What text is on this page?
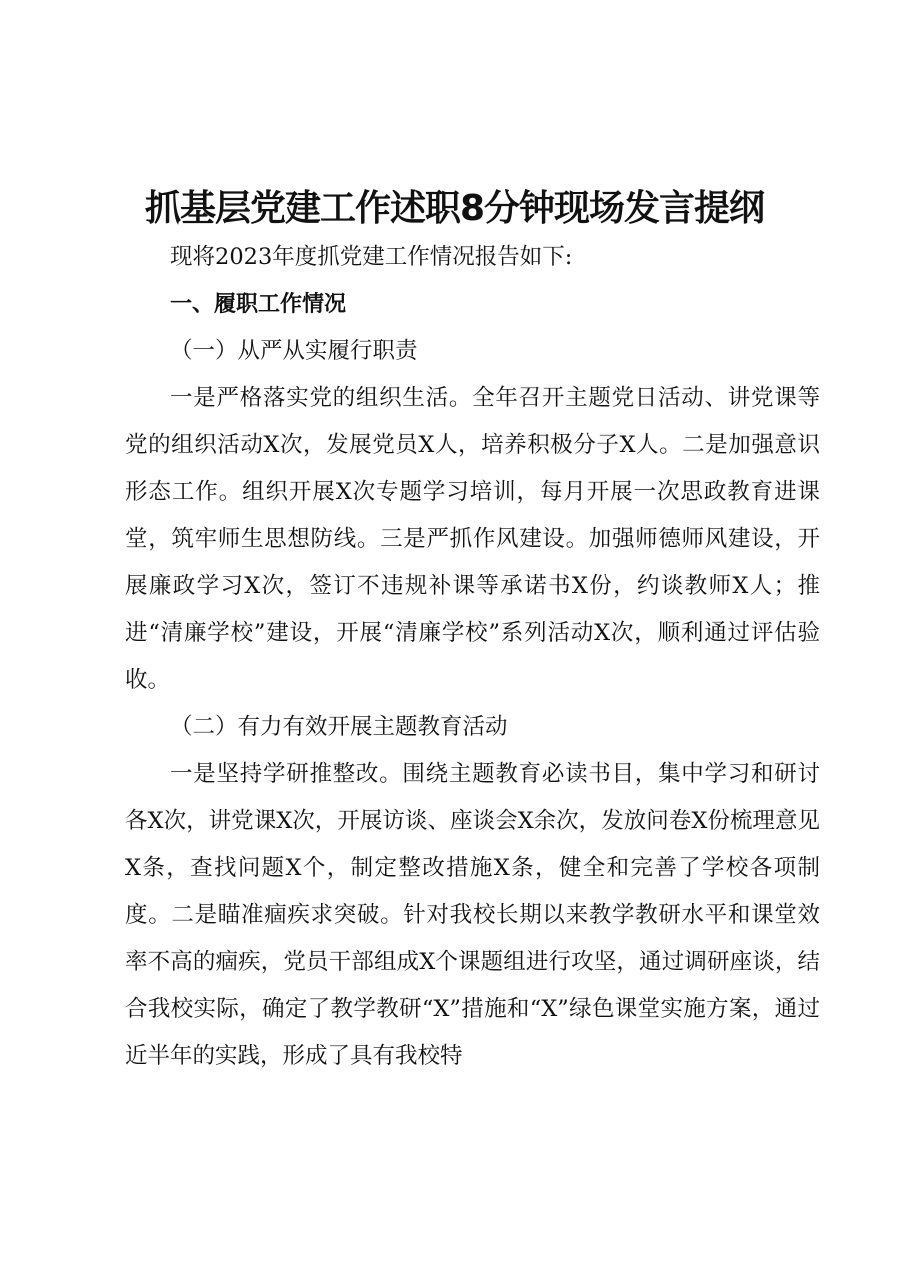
抓基层党建工作述职8分钟现场发言提纲

现将2023年度抓党建工作情况报告如下:

一、履职工作情况

（一）从严从实履行职责

一是严格落实党的组织生活。全年召开主题党日活动、讲党课等党的组织活动X次，发展党员X人，培养积极分子X人。二是加强意识形态工作。组织开展X次专题学习培训，每月开展一次思政教育进课堂，筑牢师生思想防线。三是严抓作风建设。加强师德师风建设，开展廉政学习X次，签订不违规补课等承诺书X份，约谈教师X人；推进“清廉学校”建设，开展“清廉学校”系列活动X次，顺利通过评估验收。

（二）有力有效开展主题教育活动

一是坚持学研推整改。围绕主题教育必读书目，集中学习和研讨各X次，讲党课X次，开展访谈、座谈会X余次，发放问卷X份梳理意见X条，查找问题X个，制定整改措施X条，健全和完善了学校各项制度。二是瞄准痼疾求突破。针对我校长期以来教学教研水平和课堂效率不高的痼疾，党员干部组成X个课题组进行攻坚，通过调研座谈，结合我校实际，确定了教学教研“X”措施和“X”绿色课堂实施方案，通过近半年的实践，形成了具有我校特
